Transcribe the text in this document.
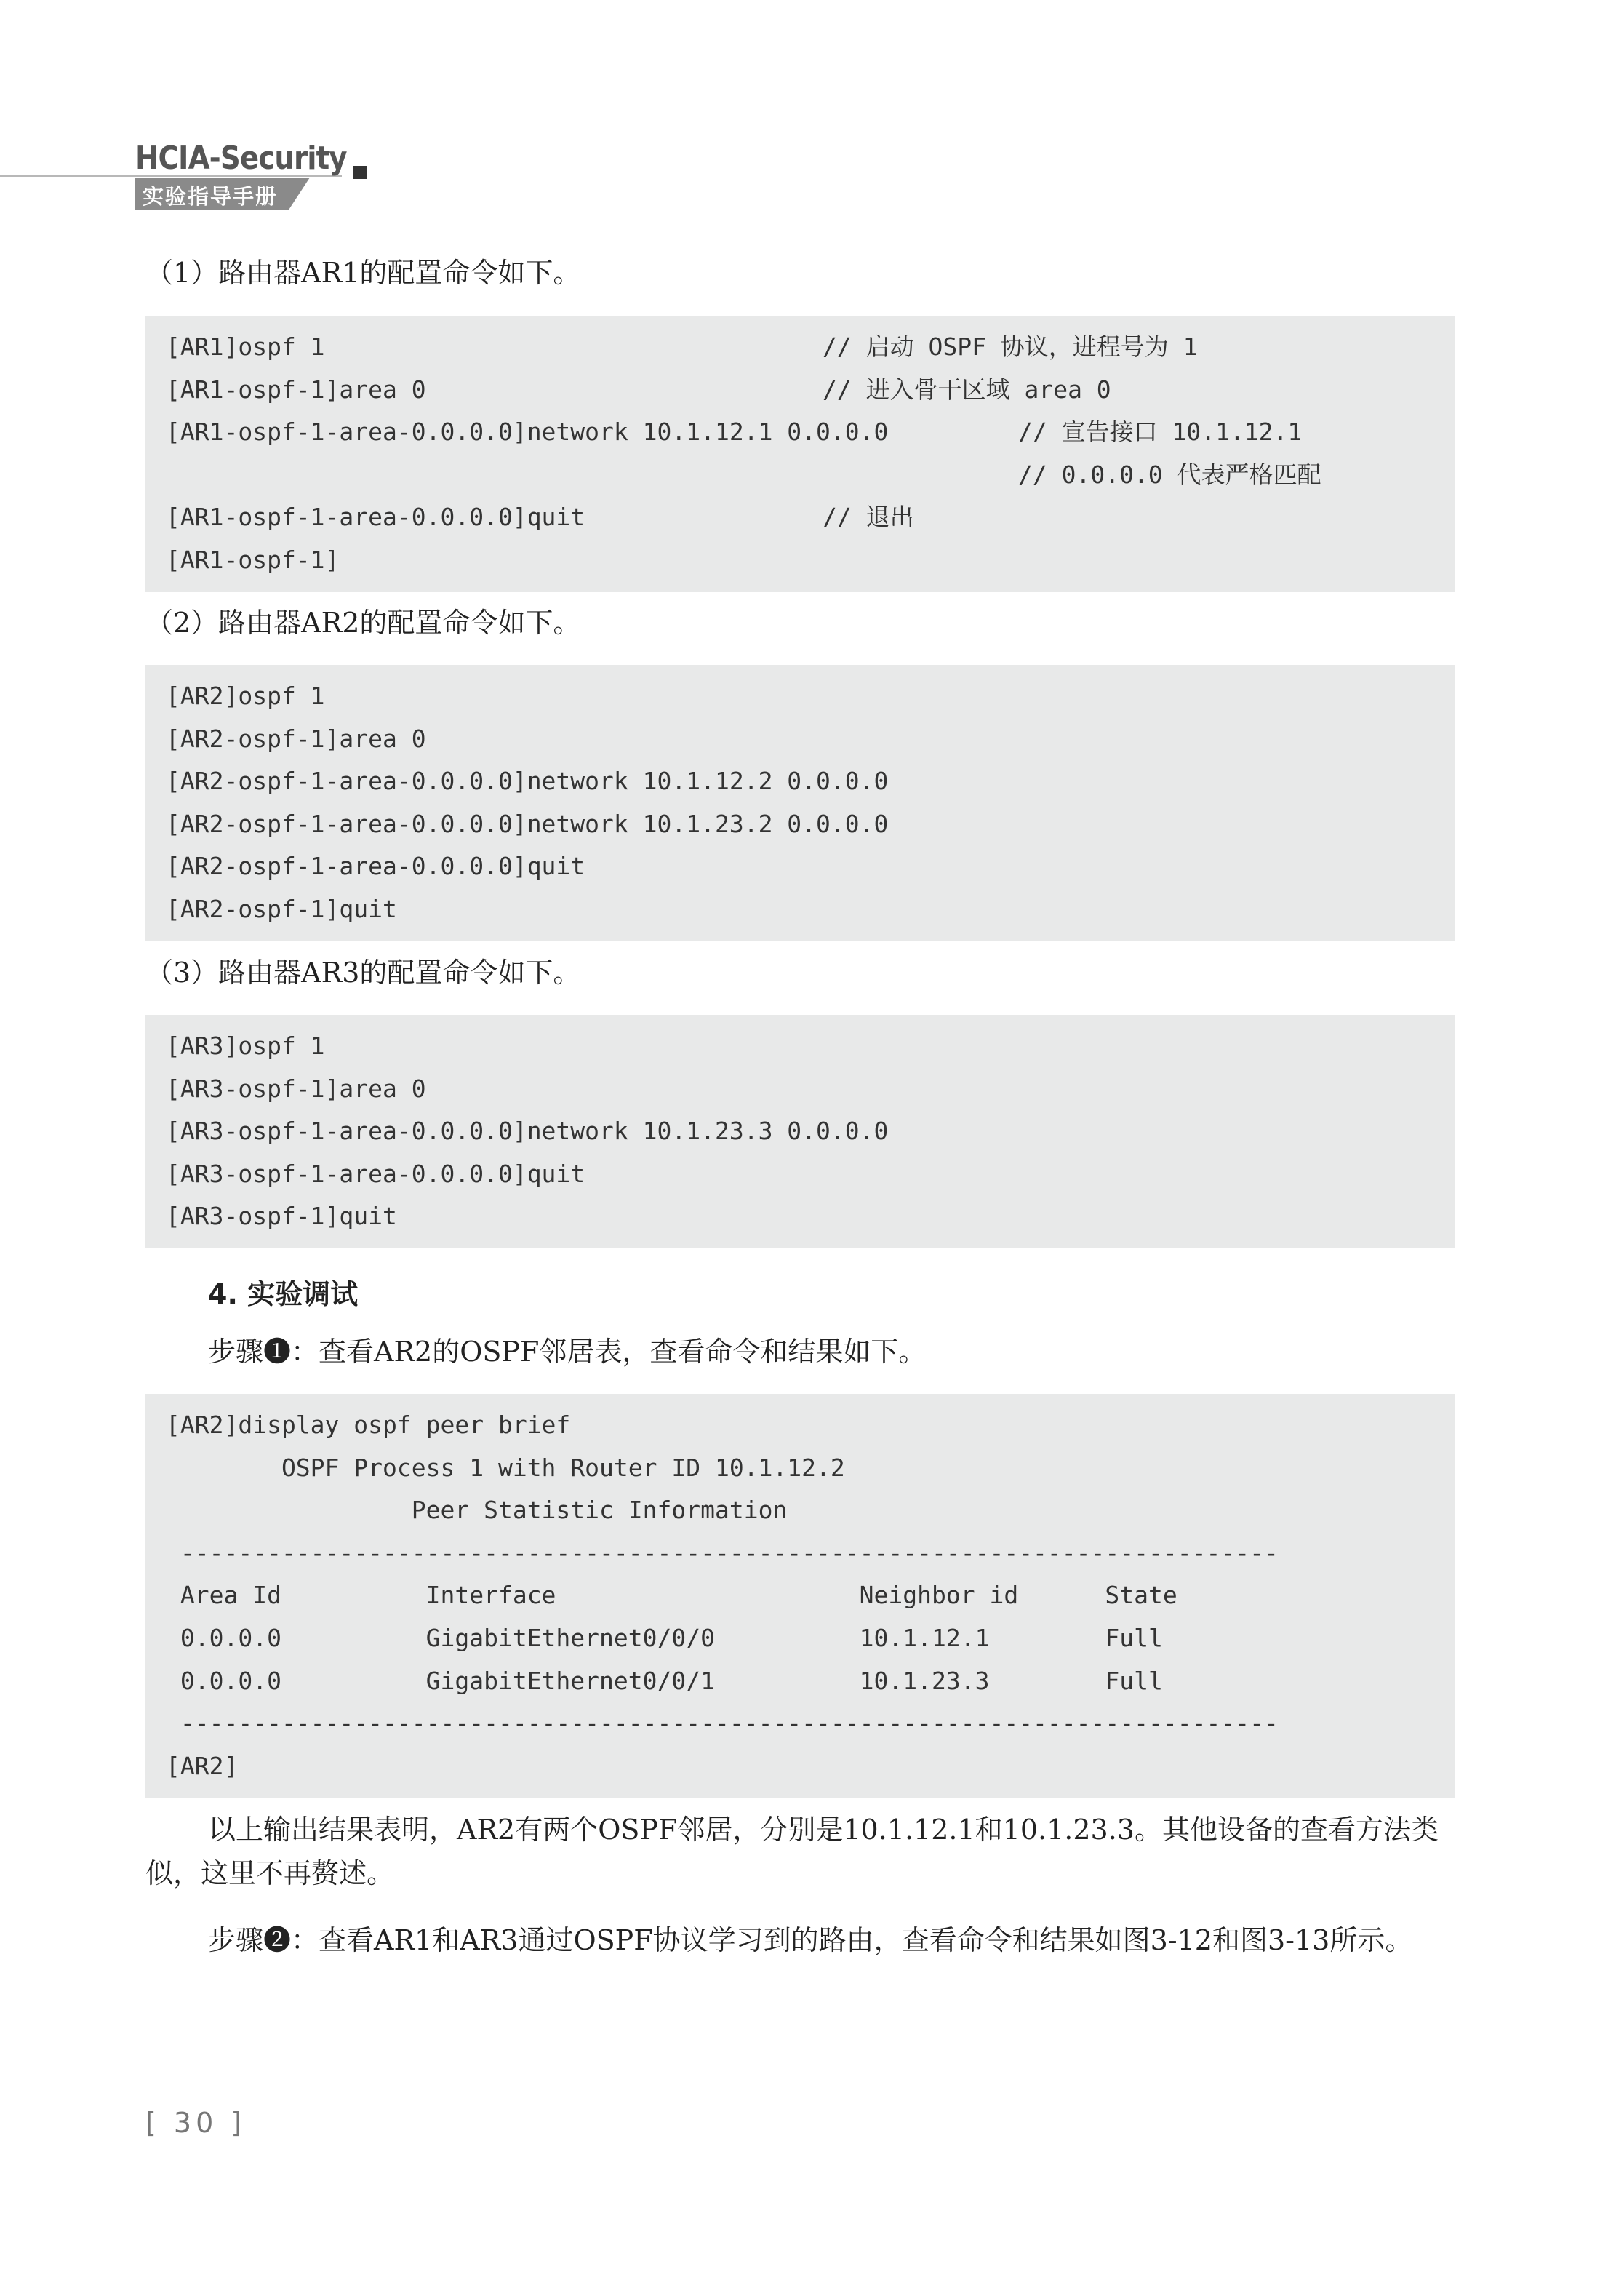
HCIA-Security
实验指导手册

（1）路由器AR1的配置命令如下。

[AR1]ospf 1	// 启动 OSPF 协议，进程号为 1
[AR1-ospf-1]area 0	// 进入骨干区域 area 0
[AR1-ospf-1-area-0.0.0.0]network 10.1.12.1 0.0.0.0	// 宣告接口 10.1.12.1
// 0.0.0.0 代表严格匹配
[AR1-ospf-1-area-0.0.0.0]quit	// 退出
[AR1-ospf-1]

（2）路由器AR2的配置命令如下。

[AR2]ospf 1
[AR2-ospf-1]area 0
[AR2-ospf-1-area-0.0.0.0]network 10.1.12.2 0.0.0.0
[AR2-ospf-1-area-0.0.0.0]network 10.1.23.2 0.0.0.0
[AR2-ospf-1-area-0.0.0.0]quit
[AR2-ospf-1]quit

（3）路由器AR3的配置命令如下。

[AR3]ospf 1
[AR3-ospf-1]area 0
[AR3-ospf-1-area-0.0.0.0]network 10.1.23.3 0.0.0.0
[AR3-ospf-1-area-0.0.0.0]quit
[AR3-ospf-1]quit
4. 实验调试

步骤❶：查看AR2的OSPF邻居表，查看命令和结果如下。

[AR2]display ospf peer brief
OSPF Process 1 with Router ID 10.1.12.2
Peer Statistic Information
----------------------------------------------------------------------------
Area Id          Interface                     Neighbor id      State
0.0.0.0          GigabitEthernet0/0/0          10.1.12.1        Full
0.0.0.0          GigabitEthernet0/0/1          10.1.23.3        Full
----------------------------------------------------------------------------
[AR2]

以上输出结果表明，AR2有两个OSPF邻居，分别是10.1.12.1和10.1.23.3。其他设备的查看方法类似，这里不再赘述。

步骤❷：查看AR1和AR3通过OSPF协议学习到的路由，查看命令和结果如图3-12和图3-13所示。

[ 30 ]
